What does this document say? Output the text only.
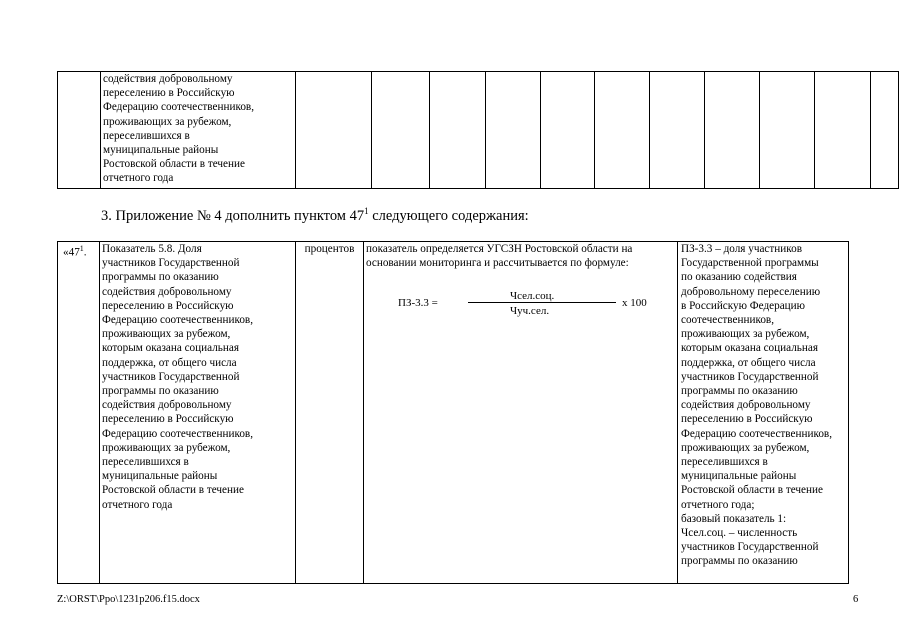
	содействия добровольному
переселению в Российскую
Федерацию соотечественников,
проживающих за рубежом,
переселившихся в
муниципальные районы
Ростовской области в течение
отчетного года											
3. Приложение № 4 дополнить пунктом $47^1$ следующего содержания:
«$47^1$.	Показатель 5.8. Доля
участников Государственной
программы по оказанию
содействия добровольному
переселению в Российскую
Федерацию соотечественников,
проживающих за рубежом,
которым оказана социальная
поддержка, от общего числа
участников Государственной
программы по оказанию
содействия добровольному
переселению в Российскую
Федерацию соотечественников,
проживающих за рубежом,
переселившихся в
муниципальные районы
Ростовской области в течение
отчетного года	процентов	показатель определяется УГСЗН Ростовской области на
основании мониторинга и рассчитывается по формуле:
ПЗ-3.3 =
Чсел.соц.
Чуч.сел.
х 100
	ПЗ-3.3 – доля участников
Государственной программы
по оказанию содействия
добровольному переселению
в Российскую Федерацию
соотечественников,
проживающих за рубежом,
которым оказана социальная
поддержка, от общего числа
участников Государственной
программы по оказанию
содействия добровольному
переселению в Российскую
Федерацию соотечественников,
проживающих за рубежом,
переселившихся в
муниципальные районы
Ростовской области в течение
отчетного года;
базовый показатель 1:
Чсел.соц. – численность
участников Государственной
программы по оказанию
Z:\ORST\Ppo\1231p206.f15.docx	6
